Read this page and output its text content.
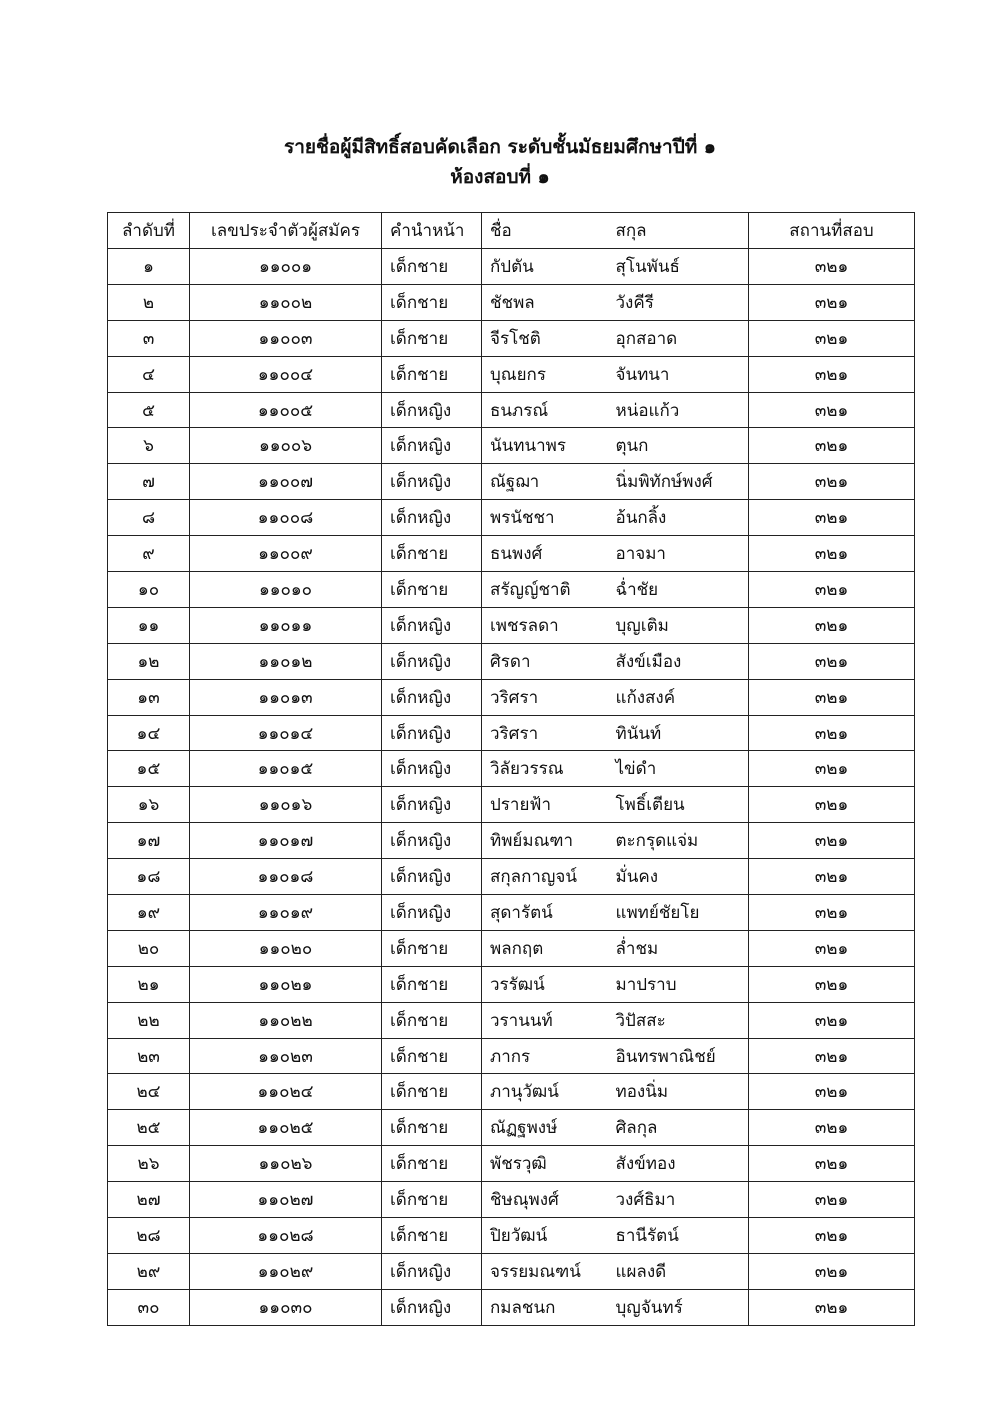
รายชื่อผู้มีสิทธิ์สอบคัดเลือก ระดับชั้นมัธยมศึกษาปีที่ ๑
ห้องสอบที่ ๑
ลำดับที่	เลขประจำตัวผู้สมัคร	คำนำหน้า	ชื่อ	สกุล	สถานที่สอบ
๑	๑๑๐๐๑	เด็กชาย	กัปตัน	สุโนพันธ์	๓๒๑
๒	๑๑๐๐๒	เด็กชาย	ชัชพล	วังคีรี	๓๒๑
๓	๑๑๐๐๓	เด็กชาย	จีรโชติ	อุกสอาด	๓๒๑
๔	๑๑๐๐๔	เด็กชาย	บุณยกร	จันทนา	๓๒๑
๕	๑๑๐๐๕	เด็กหญิง	ธนภรณ์	หน่อแก้ว	๓๒๑
๖	๑๑๐๐๖	เด็กหญิง	นันทนาพร	ตุนก	๓๒๑
๗	๑๑๐๐๗	เด็กหญิง	ณัฐฌา	นิ่มพิทักษ์พงศ์	๓๒๑
๘	๑๑๐๐๘	เด็กหญิง	พรนัชชา	อ้นกลิ้ง	๓๒๑
๙	๑๑๐๐๙	เด็กชาย	ธนพงศ์	อาจมา	๓๒๑
๑๐	๑๑๐๑๐	เด็กชาย	สรัญญ์ชาติ	ฉ่ำชัย	๓๒๑
๑๑	๑๑๐๑๑	เด็กหญิง	เพชรลดา	บุญเติม	๓๒๑
๑๒	๑๑๐๑๒	เด็กหญิง	ศิรดา	สังข์เมือง	๓๒๑
๑๓	๑๑๐๑๓	เด็กหญิง	วริศรา	แก้งสงค์	๓๒๑
๑๔	๑๑๐๑๔	เด็กหญิง	วริศรา	ทินันท์	๓๒๑
๑๕	๑๑๐๑๕	เด็กหญิง	วิลัยวรรณ	ไข่ดำ	๓๒๑
๑๖	๑๑๐๑๖	เด็กหญิง	ปรายฟ้า	โพธิ์เตียน	๓๒๑
๑๗	๑๑๐๑๗	เด็กหญิง	ทิพย์มณฑา	ตะกรุดแจ่ม	๓๒๑
๑๘	๑๑๐๑๘	เด็กหญิง	สกุลกาญจน์	มั่นคง	๓๒๑
๑๙	๑๑๐๑๙	เด็กหญิง	สุดารัตน์	แพทย์ชัยโย	๓๒๑
๒๐	๑๑๐๒๐	เด็กชาย	พลกฤต	ล่ำชม	๓๒๑
๒๑	๑๑๐๒๑	เด็กชาย	วรรัฒน์	มาปราบ	๓๒๑
๒๒	๑๑๐๒๒	เด็กชาย	วรานนท์	วิปัสสะ	๓๒๑
๒๓	๑๑๐๒๓	เด็กชาย	ภากร	อินทรพาณิชย์	๓๒๑
๒๔	๑๑๐๒๔	เด็กชาย	ภานุวัฒน์	ทองนิ่ม	๓๒๑
๒๕	๑๑๐๒๕	เด็กชาย	ณัฏฐพงษ์	ศิลกุล	๓๒๑
๒๖	๑๑๐๒๖	เด็กชาย	พัชรวุฒิ	สังข์ทอง	๓๒๑
๒๗	๑๑๐๒๗	เด็กชาย	ชิษณุพงศ์	วงศ์ธิมา	๓๒๑
๒๘	๑๑๐๒๘	เด็กชาย	ปิยวัฒน์	ธานีรัตน์	๓๒๑
๒๙	๑๑๐๒๙	เด็กหญิง	จรรยมณฑน์	แผลงดี	๓๒๑
๓๐	๑๑๐๓๐	เด็กหญิง	กมลชนก	บุญจันทร์	๓๒๑
